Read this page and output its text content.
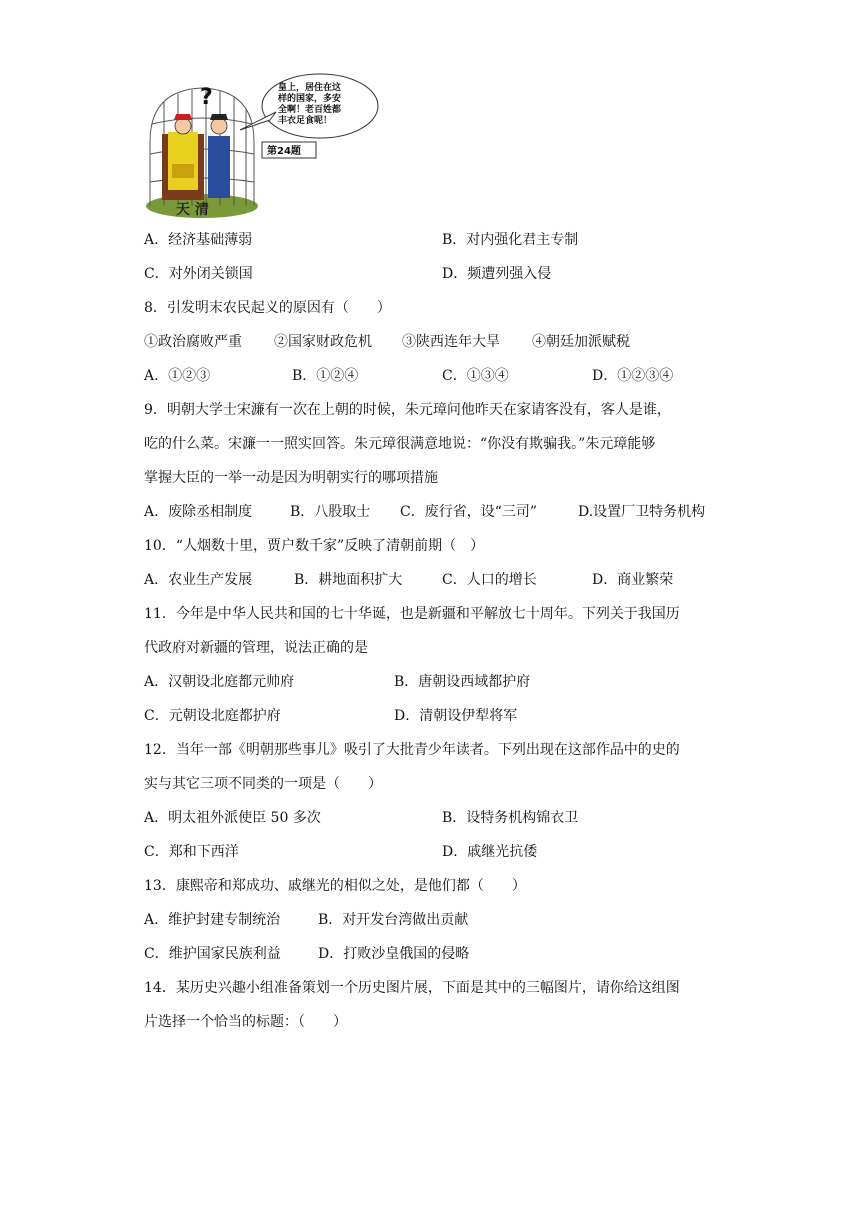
?
天 清
皇上，居住在这
样的国家，多安
全啊！老百姓都
丰衣足食呢！
第24题
A．经济基础薄弱	B．对内强化君主专制
C．对外闭关锁国	D．频遭列强入侵
8．引发明末农民起义的原因有（　　）
①政治腐败严重 ②国家财政危机 ③陕西连年大旱 ④朝廷加派赋税
A．①②③	B．①②④	C．①③④	D．①②③④
9．明朝大学士宋濂有一次在上朝的时候，朱元璋问他昨天在家请客没有，客人是谁，
吃的什么菜。宋濂一一照实回答。朱元璋很满意地说：“你没有欺骗我。”朱元璋能够
掌握大臣的一举一动是因为明朝实行的哪项措施
A．废除丞相制度	B．八股取士 C．废行省，设“三司”	D.设置厂卫特务机构
10．“人烟数十里，贾户数千家”反映了清朝前期（　）
A．农业生产发展	B．耕地面积扩大	C．人口的增长	D．商业繁荣
11．今年是中华人民共和国的七十华诞，也是新疆和平解放七十周年。下列关于我国历
代政府对新疆的管理，说法正确的是
A．汉朝设北庭都元帅府	B．唐朝设西域都护府
C．元朝设北庭都护府	D．清朝设伊犁将军
12．当年一部《明朝那些事儿》吸引了大批青少年读者。下列出现在这部作品中的史的
实与其它三项不同类的一项是（　　）
A．明太祖外派使臣 50 多次	B．设特务机构锦衣卫
C．郑和下西洋	D．戚继光抗倭
13．康熙帝和郑成功、戚继光的相似之处，是他们都（　　）
A．维护封建专制统治	B．对开发台湾做出贡献
C．维护国家民族利益	D．打败沙皇俄国的侵略
14．某历史兴趣小组准备策划一个历史图片展，下面是其中的三幅图片，请你给这组图
片选择一个恰当的标题：（　　）
